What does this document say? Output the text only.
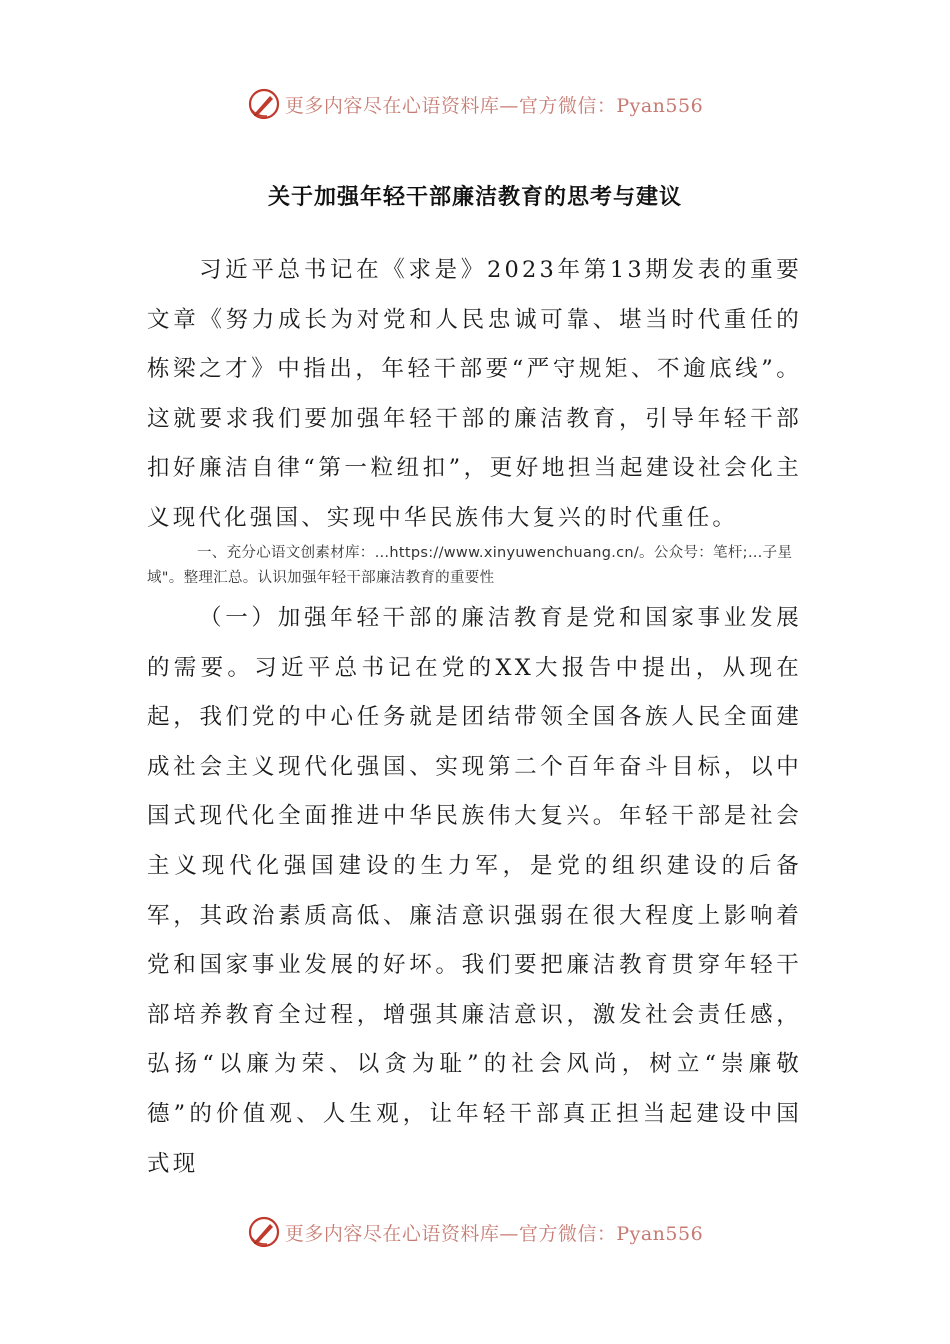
更多内容尽在心语资料库—官方微信：Pyan556
关于加强年轻干部廉洁教育的思考与建议

习近平总书记在《求是》2023年第13期发表的重要文章《努力成长为对党和人民忠诚可靠、堪当时代重任的栋梁之才》中指出，年轻干部要“严守规矩、不逾底线”。这就要求我们要加强年轻干部的廉洁教育，引导年轻干部扣好廉洁自律“第一粒纽扣”，更好地担当起建设社会化主义现代化强国、实现中华民族伟大复兴的时代重任。

一、充分心语文创素材库：…https://www.xinyuwenchuang.cn/。公众号：笔杆;…子星域"。整理汇总。认识加强年轻干部廉洁教育的重要性

（一）加强年轻干部的廉洁教育是党和国家事业发展的需要。习近平总书记在党的XX大报告中提出，从现在起，我们党的中心任务就是团结带领全国各族人民全面建成社会主义现代化强国、实现第二个百年奋斗目标，以中国式现代化全面推进中华民族伟大复兴。年轻干部是社会主义现代化强国建设的生力军，是党的组织建设的后备军，其政治素质高低、廉洁意识强弱在很大程度上影响着党和国家事业发展的好坏。我们要把廉洁教育贯穿年轻干部培养教育全过程，增强其廉洁意识，激发社会责任感，弘扬“以廉为荣、以贪为耻”的社会风尚，树立“崇廉敬德”的价值观、人生观，让年轻干部真正担当起建设中国式现

更多内容尽在心语资料库—官方微信：Pyan556
